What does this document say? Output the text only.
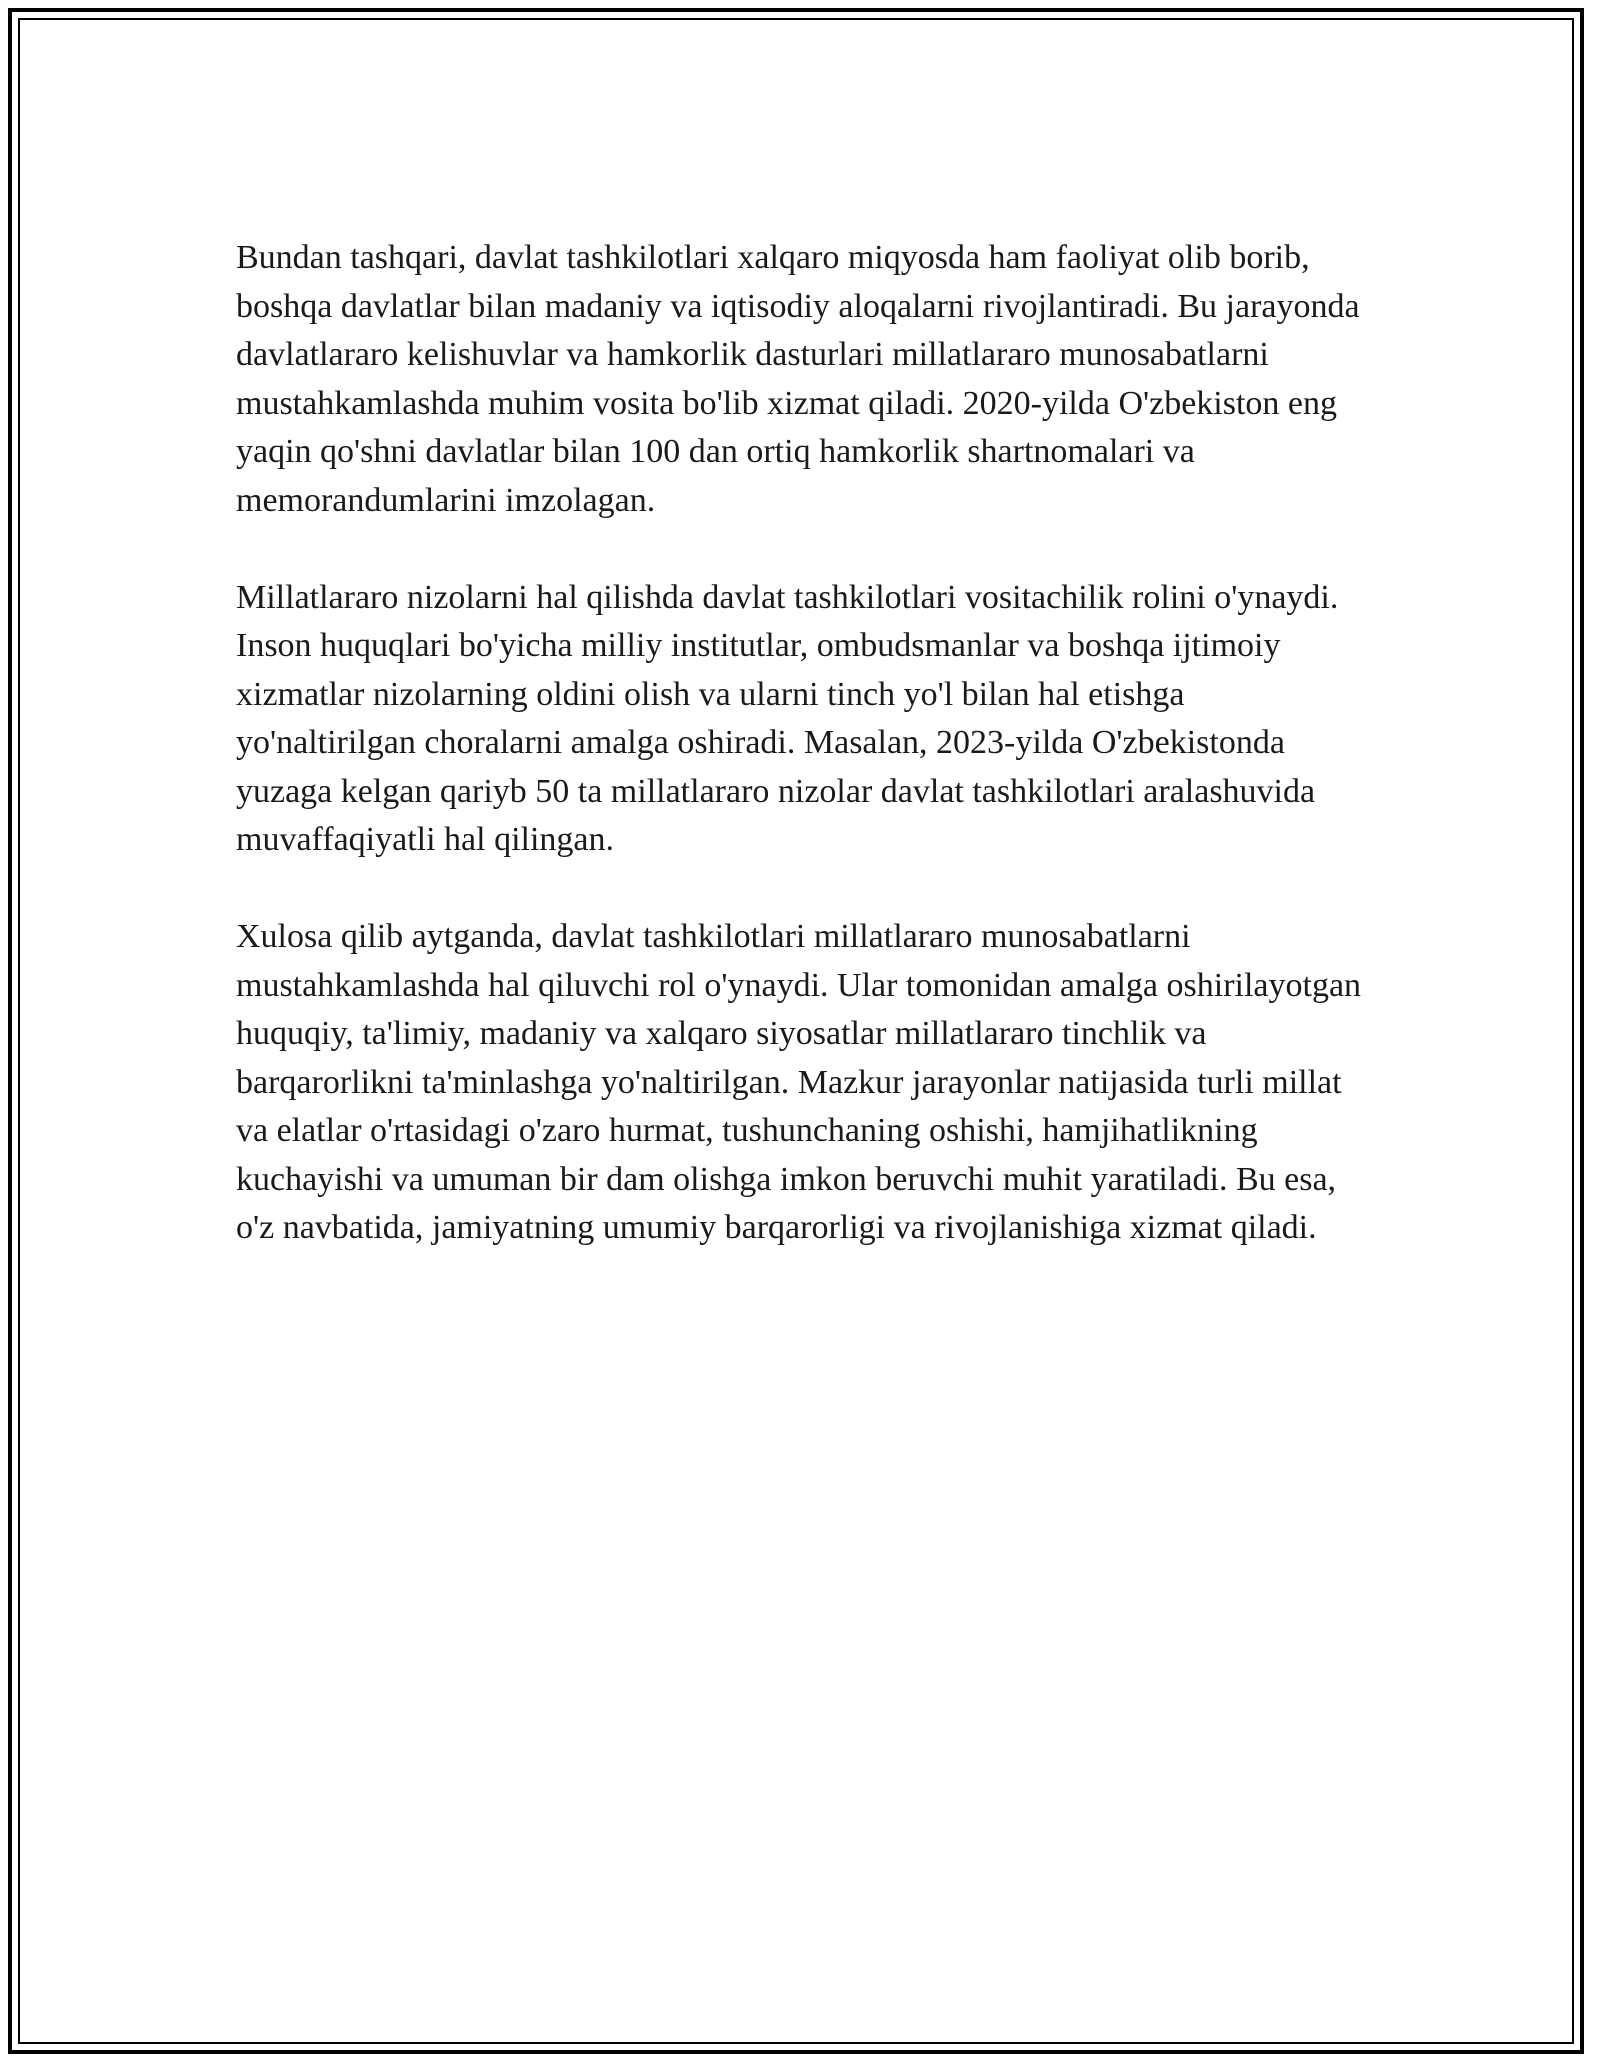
Bundan tashqari, davlat tashkilotlari xalqaro miqyosda ham faoliyat olib borib, boshqa davlatlar bilan madaniy va iqtisodiy aloqalarni rivojlantiradi. Bu jarayonda davlatlararo kelishuvlar va hamkorlik dasturlari millatlararo munosabatlarni mustahkamlashda muhim vosita bo'lib xizmat qiladi. 2020-yilda O'zbekiston eng yaqin qo'shni davlatlar bilan 100 dan ortiq hamkorlik shartnomalari va memorandumlarini imzolagan.

Millatlararo nizolarni hal qilishda davlat tashkilotlari vositachilik rolini o'ynaydi. Inson huquqlari bo'yicha milliy institutlar, ombudsmanlar va boshqa ijtimoiy xizmatlar nizolarning oldini olish va ularni tinch yo'l bilan hal etishga yo'naltirilgan choralarni amalga oshiradi. Masalan, 2023-yilda O'zbekistonda yuzaga kelgan qariyb 50 ta millatlararo nizolar davlat tashkilotlari aralashuvida muvaffaqiyatli hal qilingan.

Xulosa qilib aytganda, davlat tashkilotlari millatlararo munosabatlarni mustahkamlashda hal qiluvchi rol o'ynaydi. Ular tomonidan amalga oshirilayotgan huquqiy, ta'limiy, madaniy va xalqaro siyosatlar millatlararo tinchlik va barqarorlikni ta'minlashga yo'naltirilgan. Mazkur jarayonlar natijasida turli millat va elatlar o'rtasidagi o'zaro hurmat, tushunchaning oshishi, hamjihatlikning kuchayishi va umuman bir dam olishga imkon beruvchi muhit yaratiladi. Bu esa, o'z navbatida, jamiyatning umumiy barqarorligi va rivojlanishiga xizmat qiladi.
